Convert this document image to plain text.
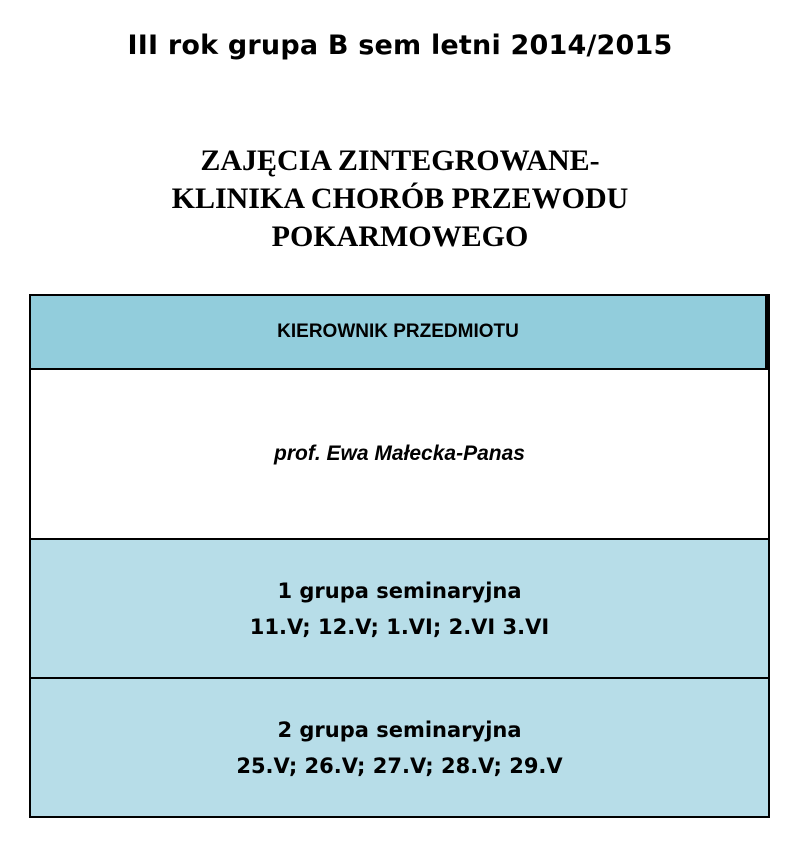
III rok grupa B sem letni 2014/2015
ZAJĘCIA ZINTEGROWANE-
KLINIKA CHORÓB PRZEWODU
POKARMOWEGO
KIEROWNIK PRZEDMIOTU
prof. Ewa Małecka-Panas
1 grupa seminaryjna
11.V; 12.V; 1.VI; 2.VI 3.VI
2 grupa seminaryjna
25.V; 26.V; 27.V; 28.V; 29.V
